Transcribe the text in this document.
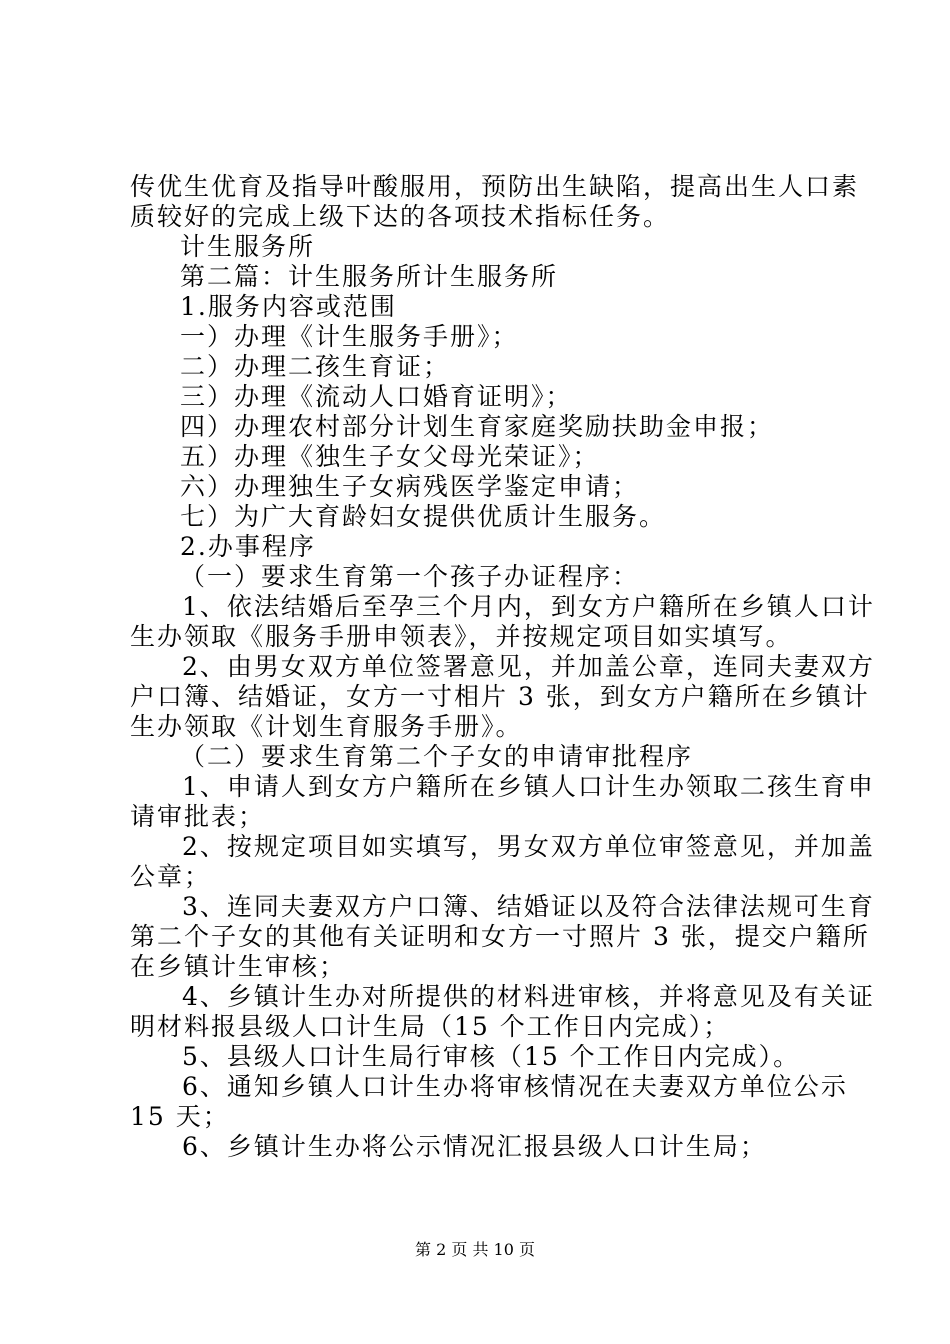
传优生优育及指导叶酸服用，预防出生缺陷，提高出生人口素

质较好的完成上级下达的各项技术指标任务。

计生服务所

第二篇：计生服务所计生服务所

1.服务内容或范围

一）办理《计生服务手册》；

二）办理二孩生育证；

三）办理《流动人口婚育证明》；

四）办理农村部分计划生育家庭奖励扶助金申报；

五）办理《独生子女父母光荣证》；

六）办理独生子女病残医学鉴定申请；

七）为广大育龄妇女提供优质计生服务。

2.办事程序

（一）要求生育第一个孩子办证程序：

1、依法结婚后至孕三个月内，到女方户籍所在乡镇人口计

生办领取《服务手册申领表》，并按规定项目如实填写。

2、由男女双方单位签署意见，并加盖公章，连同夫妻双方

户口簿、结婚证，女方一寸相片 3 张，到女方户籍所在乡镇计

生办领取《计划生育服务手册》。

（二）要求生育第二个子女的申请审批程序

1、申请人到女方户籍所在乡镇人口计生办领取二孩生育申

请审批表；

2、按规定项目如实填写，男女双方单位审签意见，并加盖

公章；

3、连同夫妻双方户口簿、结婚证以及符合法律法规可生育

第二个子女的其他有关证明和女方一寸照片 3 张，提交户籍所

在乡镇计生审核；

4、乡镇计生办对所提供的材料进审核，并将意见及有关证

明材料报县级人口计生局（15 个工作日内完成）；

5、县级人口计生局行审核（15 个工作日内完成）。

6、通知乡镇人口计生办将审核情况在夫妻双方单位公示

15 天；

6、乡镇计生办将公示情况汇报县级人口计生局；

第 2 页 共 10 页
